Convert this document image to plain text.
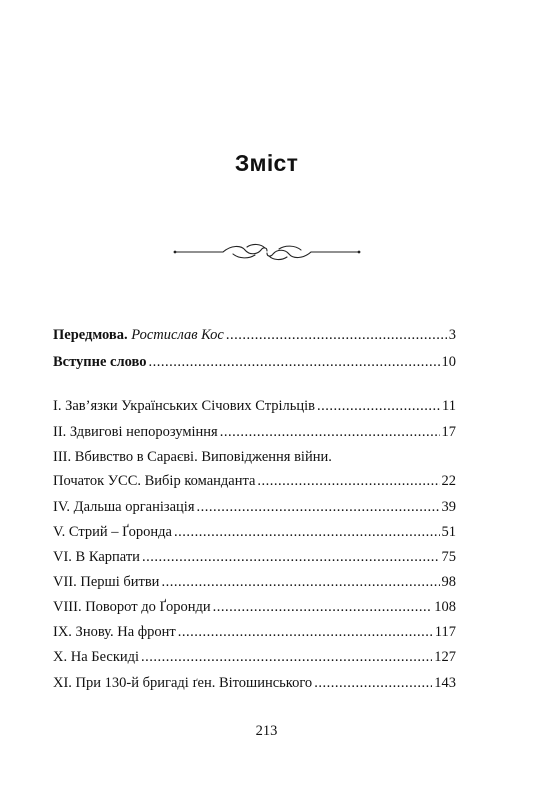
Зміст
Передмова. Ростислав Кос .....	3
Вступне слово .....	10
I. Зав’язки Українських Січових Стрільців .....	11
II. Здвигові непорозуміння .....	17
III. Вбивство в Сараєві. Виповідження війни.
Початок УСС. Вибір команданта .....	22
IV. Дальша організація .....	39
V. Стрий – Ґоронда .....	51
VI. В Карпати .....	75
VII. Перші битви .....	98
VIII. Поворот до Ґоронди .....	108
IX. Знову. На фронт .....	117
X. На Бескиді .....	127
XI. При 130-й бригаді ґен. Вітошинського .....	143
213
